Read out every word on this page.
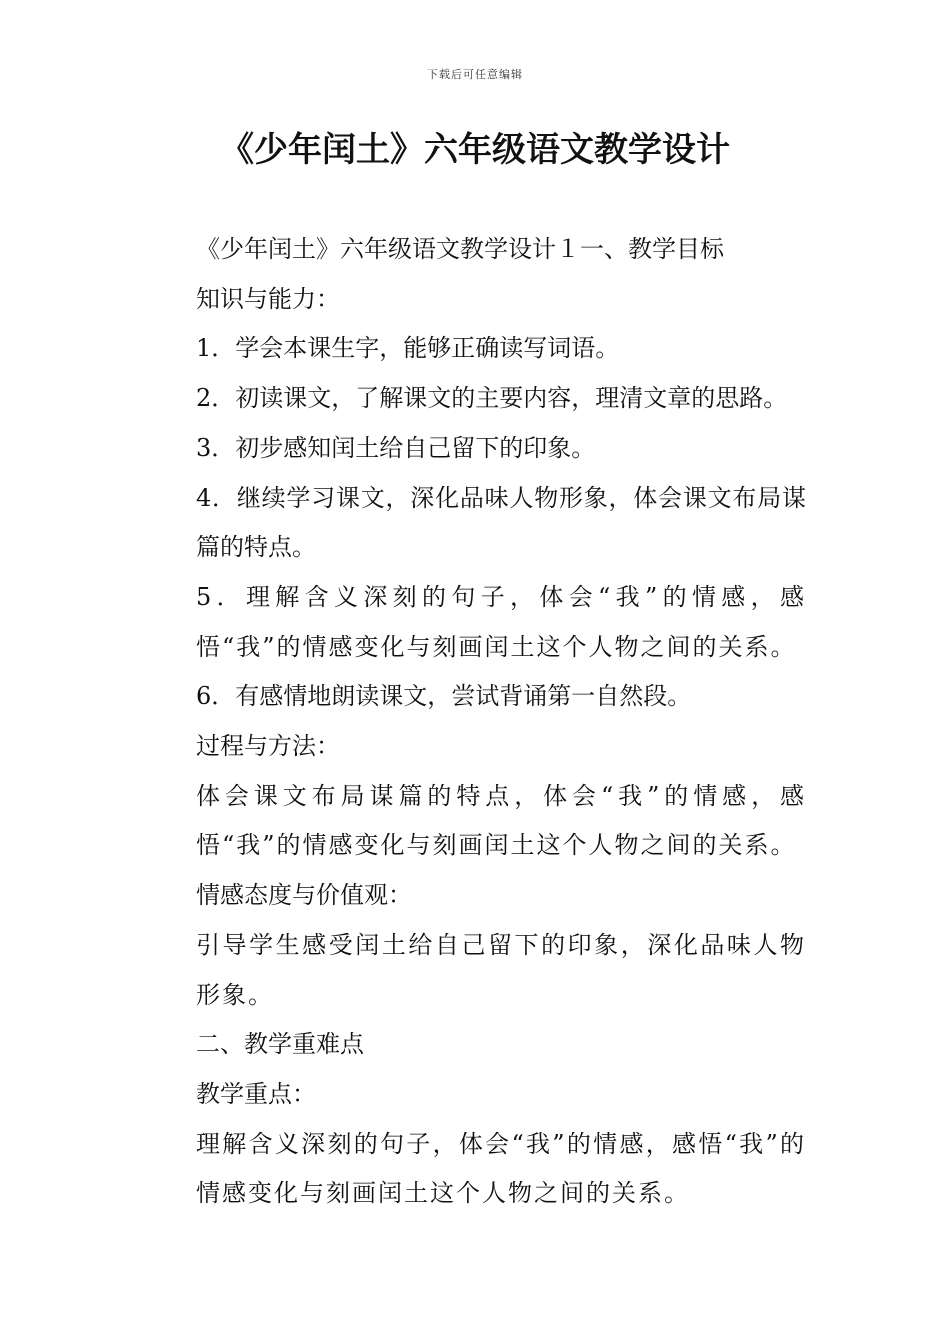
下载后可任意编辑
《少年闰土》六年级语文教学设计

《少年闰土》六年级语文教学设计１一、教学目标

知识与能力：

1．学会本课生字，能够正确读写词语。

2．初读课文，了解课文的主要内容，理清文章的思路。

3．初步感知闰土给自己留下的印象。

4．继续学习课文，深化品味人物形象，体会课文布局谋篇的特点。

5．理解含义深刻的句子，体会“我”的情感，感悟“我”的情感变化与刻画闰土这个人物之间的关系。

6．有感情地朗读课文，尝试背诵第一自然段。

过程与方法：

体会课文布局谋篇的特点，体会“我”的情感，感悟“我”的情感变化与刻画闰土这个人物之间的关系。

情感态度与价值观：

引导学生感受闰土给自己留下的印象，深化品味人物形象。

二、教学重难点

教学重点：

理解含义深刻的句子，体会“我”的情感，感悟“我”的情感变化与刻画闰土这个人物之间的关系。
